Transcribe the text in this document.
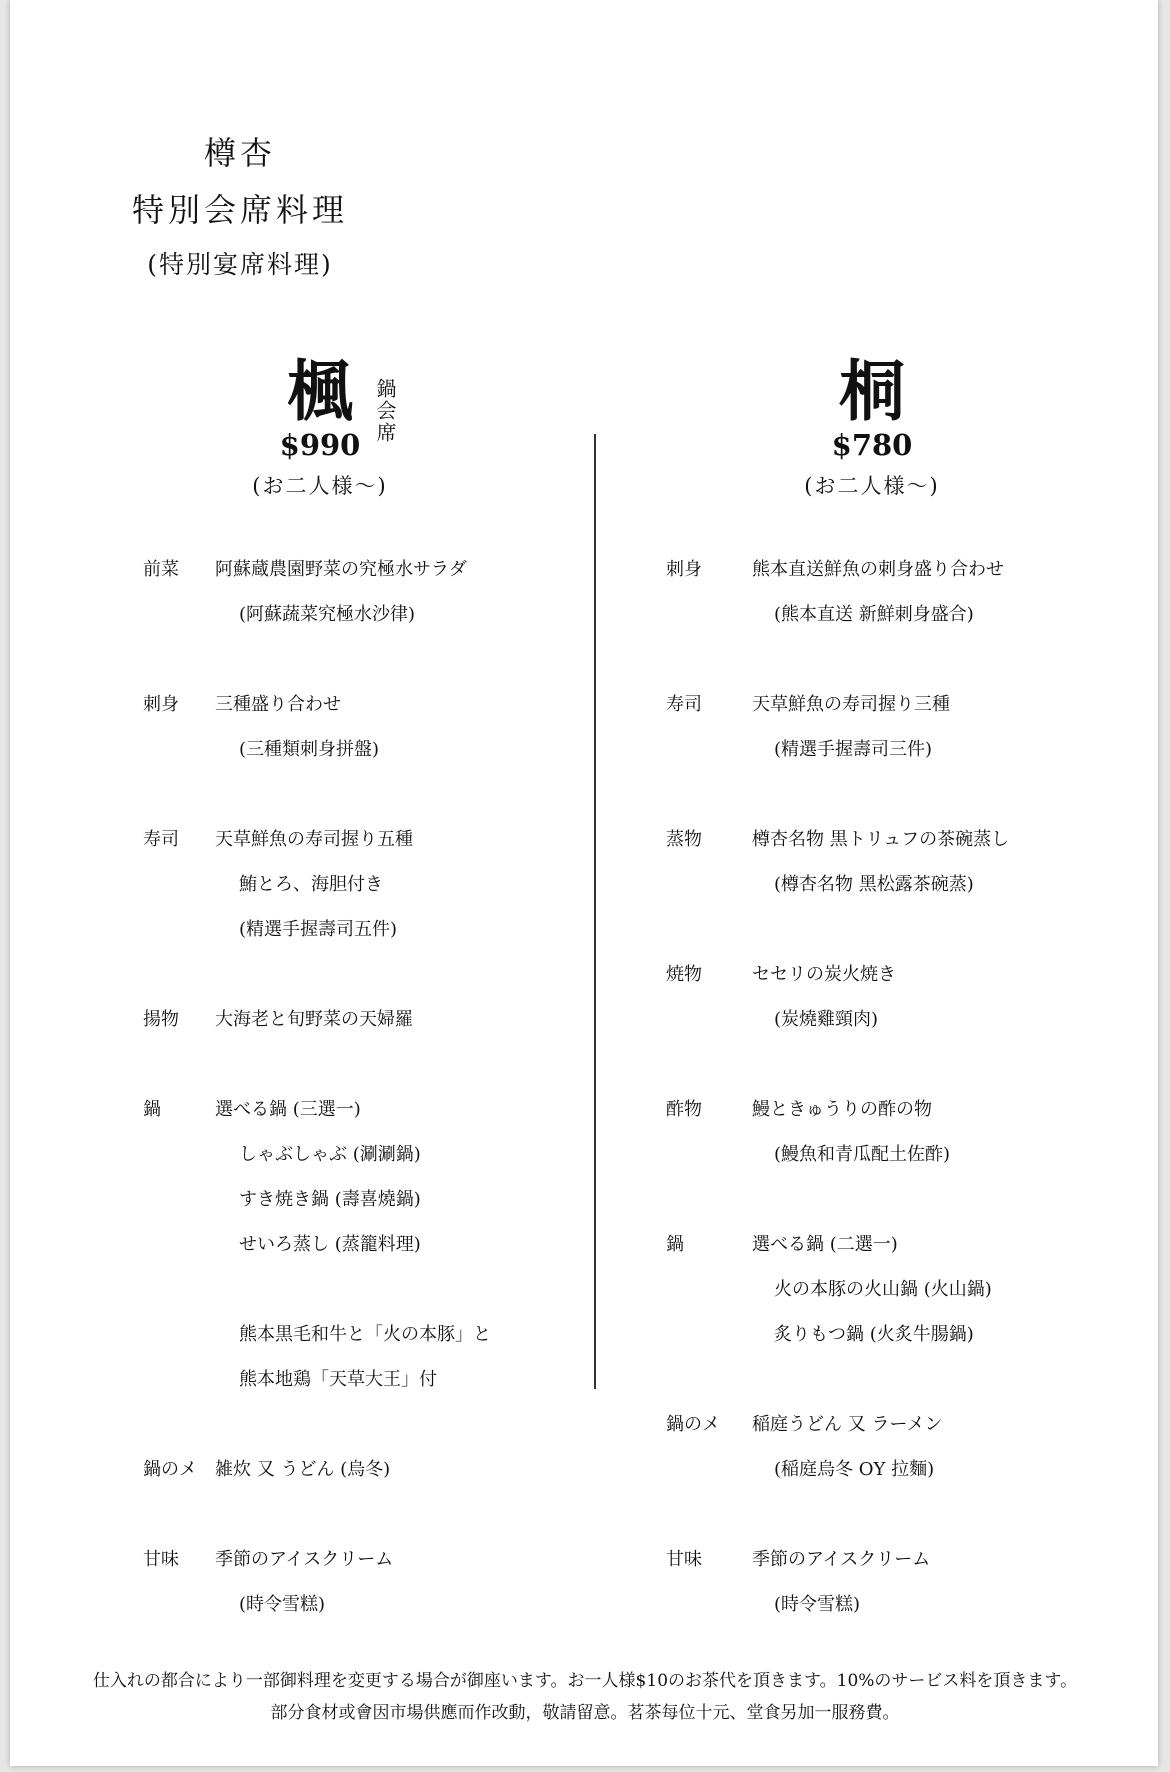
樽杏
特別会席料理
(特別宴席料理)
楓
$990
(お二人様〜)
鍋会席	桐
$780
(お二人様〜)
前菜 阿蘇蔵農園野菜の究極水サラダ
(阿蘇蔬菜究極水沙律)
刺身 三種盛り合わせ
(三種類刺身拼盤)
寿司 天草鮮魚の寿司握り五種
鮪とろ、海胆付き
(精選手握壽司五件)
揚物 大海老と旬野菜の天婦羅
鍋	選べる鍋 (三選一)
しゃぶしゃぶ (涮涮鍋)
すき焼き鍋 (壽喜燒鍋)
せいろ蒸し (蒸籠料理)
熊本黒毛和牛と「火の本豚」と
熊本地鶏「天草大王」付
鍋のメ 雑炊 又 うどん (烏冬)
甘味 季節のアイスクリーム
(時令雪糕)
刺身	熊本直送鮮魚の刺身盛り合わせ
(熊本直送 新鮮刺身盛合)
寿司	天草鮮魚の寿司握り三種
(精選手握壽司三件)
蒸物	樽杏名物 黒トリュフの茶碗蒸し
(樽杏名物 黑松露茶碗蒸)
焼物	セセリの炭火焼き
(炭燒雞頸肉)
酢物	鰻ときゅうりの酢の物
(鰻魚和青瓜配土佐酢)
鍋	選べる鍋 (二選一)
火の本豚の火山鍋 (火山鍋)
炙りもつ鍋 (火炙牛腸鍋)
鍋のメ 稲庭うどん 又 ラーメン
(稲庭烏冬 OY 拉麵)
甘味	季節のアイスクリーム
(時令雪糕)
仕入れの都合により一部御料理を変更する場合が御座います。お一人様$10のお茶代を頂きます。10%のサービス料を頂きます。
部分食材或會因市場供應而作改動，敬請留意。茗茶每位十元、堂食另加一服務費。
